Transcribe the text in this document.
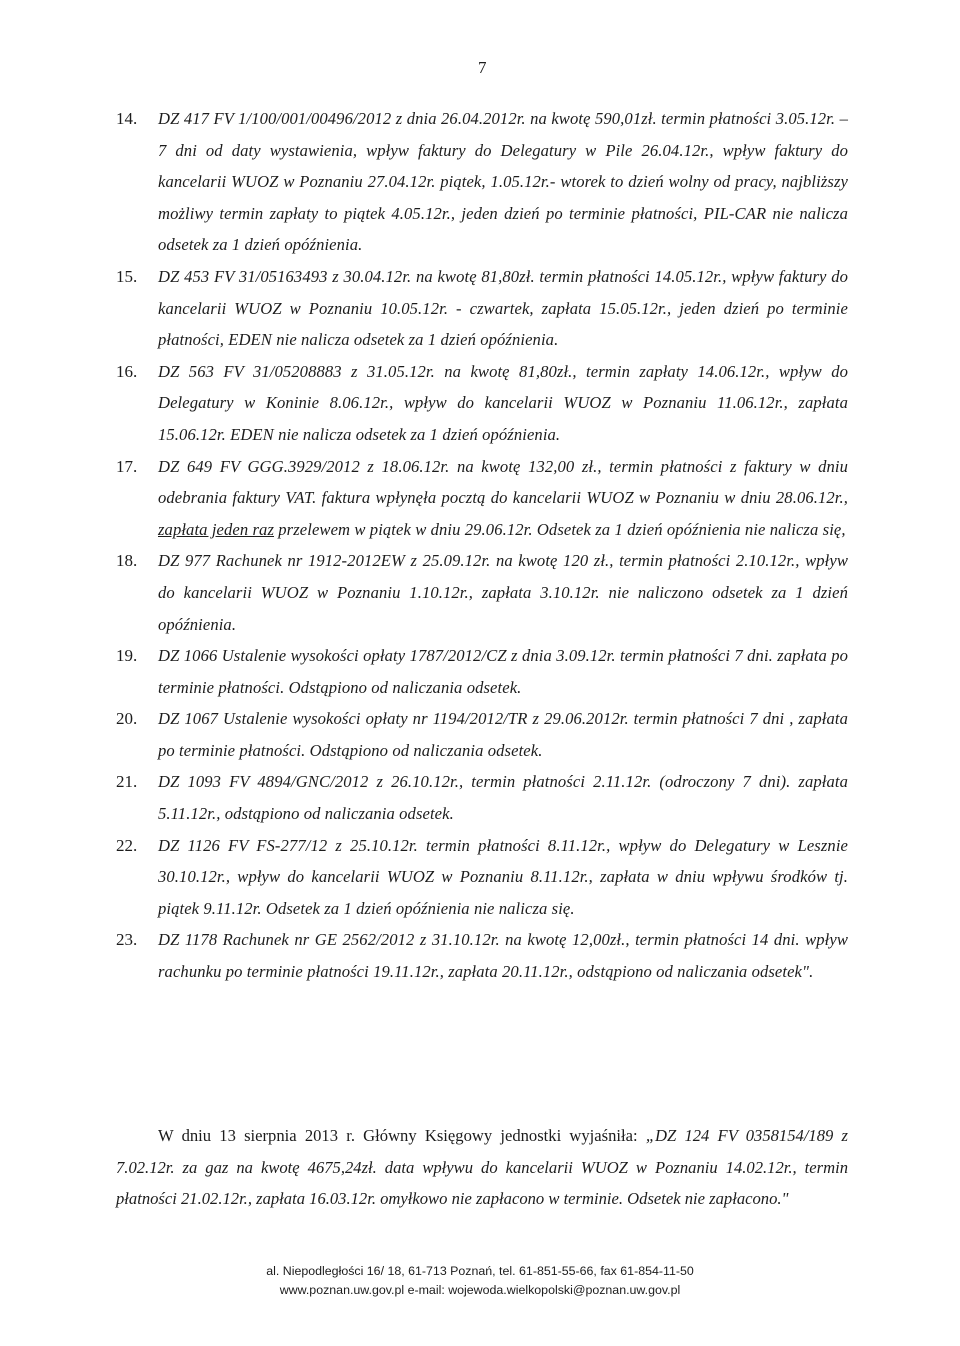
7
14. DZ 417 FV 1/100/001/00496/2012 z dnia 26.04.2012r. na kwotę 590,01zł. termin płatności 3.05.12r. – 7 dni od daty wystawienia, wpływ faktury do Delegatury w Pile 26.04.12r., wpływ faktury do kancelarii WUOZ w Poznaniu 27.04.12r. piątek, 1.05.12r.- wtorek to dzień wolny od pracy, najbliższy możliwy termin zapłaty to piątek 4.05.12r., jeden dzień po terminie płatności, PIL-CAR nie nalicza odsetek za 1 dzień opóźnienia.
15. DZ 453 FV 31/05163493 z 30.04.12r. na kwotę 81,80zł. termin płatności 14.05.12r., wpływ faktury do kancelarii WUOZ w Poznaniu 10.05.12r. - czwartek, zapłata 15.05.12r., jeden dzień po terminie płatności, EDEN nie nalicza odsetek za 1 dzień opóźnienia.
16. DZ 563 FV 31/05208883 z 31.05.12r. na kwotę 81,80zł., termin zapłaty 14.06.12r., wpływ do Delegatury w Koninie 8.06.12r., wpływ do kancelarii WUOZ w Poznaniu 11.06.12r., zapłata 15.06.12r. EDEN nie nalicza odsetek za 1 dzień opóźnienia.
17. DZ 649 FV GGG.3929/2012 z 18.06.12r. na kwotę 132,00 zł., termin płatności z faktury w dniu odebrania faktury VAT. faktura wpłynęła pocztą do kancelarii WUOZ w Poznaniu w dniu 28.06.12r., zapłata jeden raz przelewem w piątek w dniu 29.06.12r. Odsetek za 1 dzień opóźnienia nie nalicza się,
18. DZ 977 Rachunek nr 1912-2012EW z 25.09.12r. na kwotę 120 zł., termin płatności 2.10.12r., wpływ do kancelarii WUOZ w Poznaniu 1.10.12r., zapłata 3.10.12r. nie naliczono odsetek za 1 dzień opóźnienia.
19. DZ 1066 Ustalenie wysokości opłaty 1787/2012/CZ z dnia 3.09.12r. termin płatności 7 dni. zapłata po terminie płatności. Odstąpiono od naliczania odsetek.
20. DZ 1067 Ustalenie wysokości opłaty nr 1194/2012/TR z 29.06.2012r. termin płatności 7 dni , zapłata po terminie płatności. Odstąpiono od naliczania odsetek.
21. DZ 1093 FV 4894/GNC/2012 z 26.10.12r., termin płatności 2.11.12r. (odroczony 7 dni). zapłata 5.11.12r., odstąpiono od naliczania odsetek.
22. DZ 1126 FV FS-277/12 z 25.10.12r. termin płatności 8.11.12r., wpływ do Delegatury w Lesznie 30.10.12r., wpływ do kancelarii WUOZ w Poznaniu 8.11.12r., zapłata w dniu wpływu środków tj. piątek 9.11.12r. Odsetek za 1 dzień opóźnienia nie nalicza się.
23. DZ 1178 Rachunek nr GE 2562/2012 z 31.10.12r. na kwotę 12,00zł., termin płatności 14 dni. wpływ rachunku po terminie płatności 19.11.12r., zapłata 20.11.12r., odstąpiono od naliczania odsetek".
W dniu 13 sierpnia 2013 r. Główny Księgowy jednostki wyjaśniła: „DZ 124 FV 0358154/189 z 7.02.12r. za gaz na kwotę 4675,24zł. data wpływu do kancelarii WUOZ w Poznaniu 14.02.12r., termin płatności 21.02.12r., zapłata 16.03.12r. omyłkowo nie zapłacono w terminie. Odsetek nie zapłacono."
al. Niepodległości 16/ 18, 61-713 Poznań, tel. 61-851-55-66, fax 61-854-11-50
www.poznan.uw.gov.pl e-mail: wojewoda.wielkopolski@poznan.uw.gov.pl
